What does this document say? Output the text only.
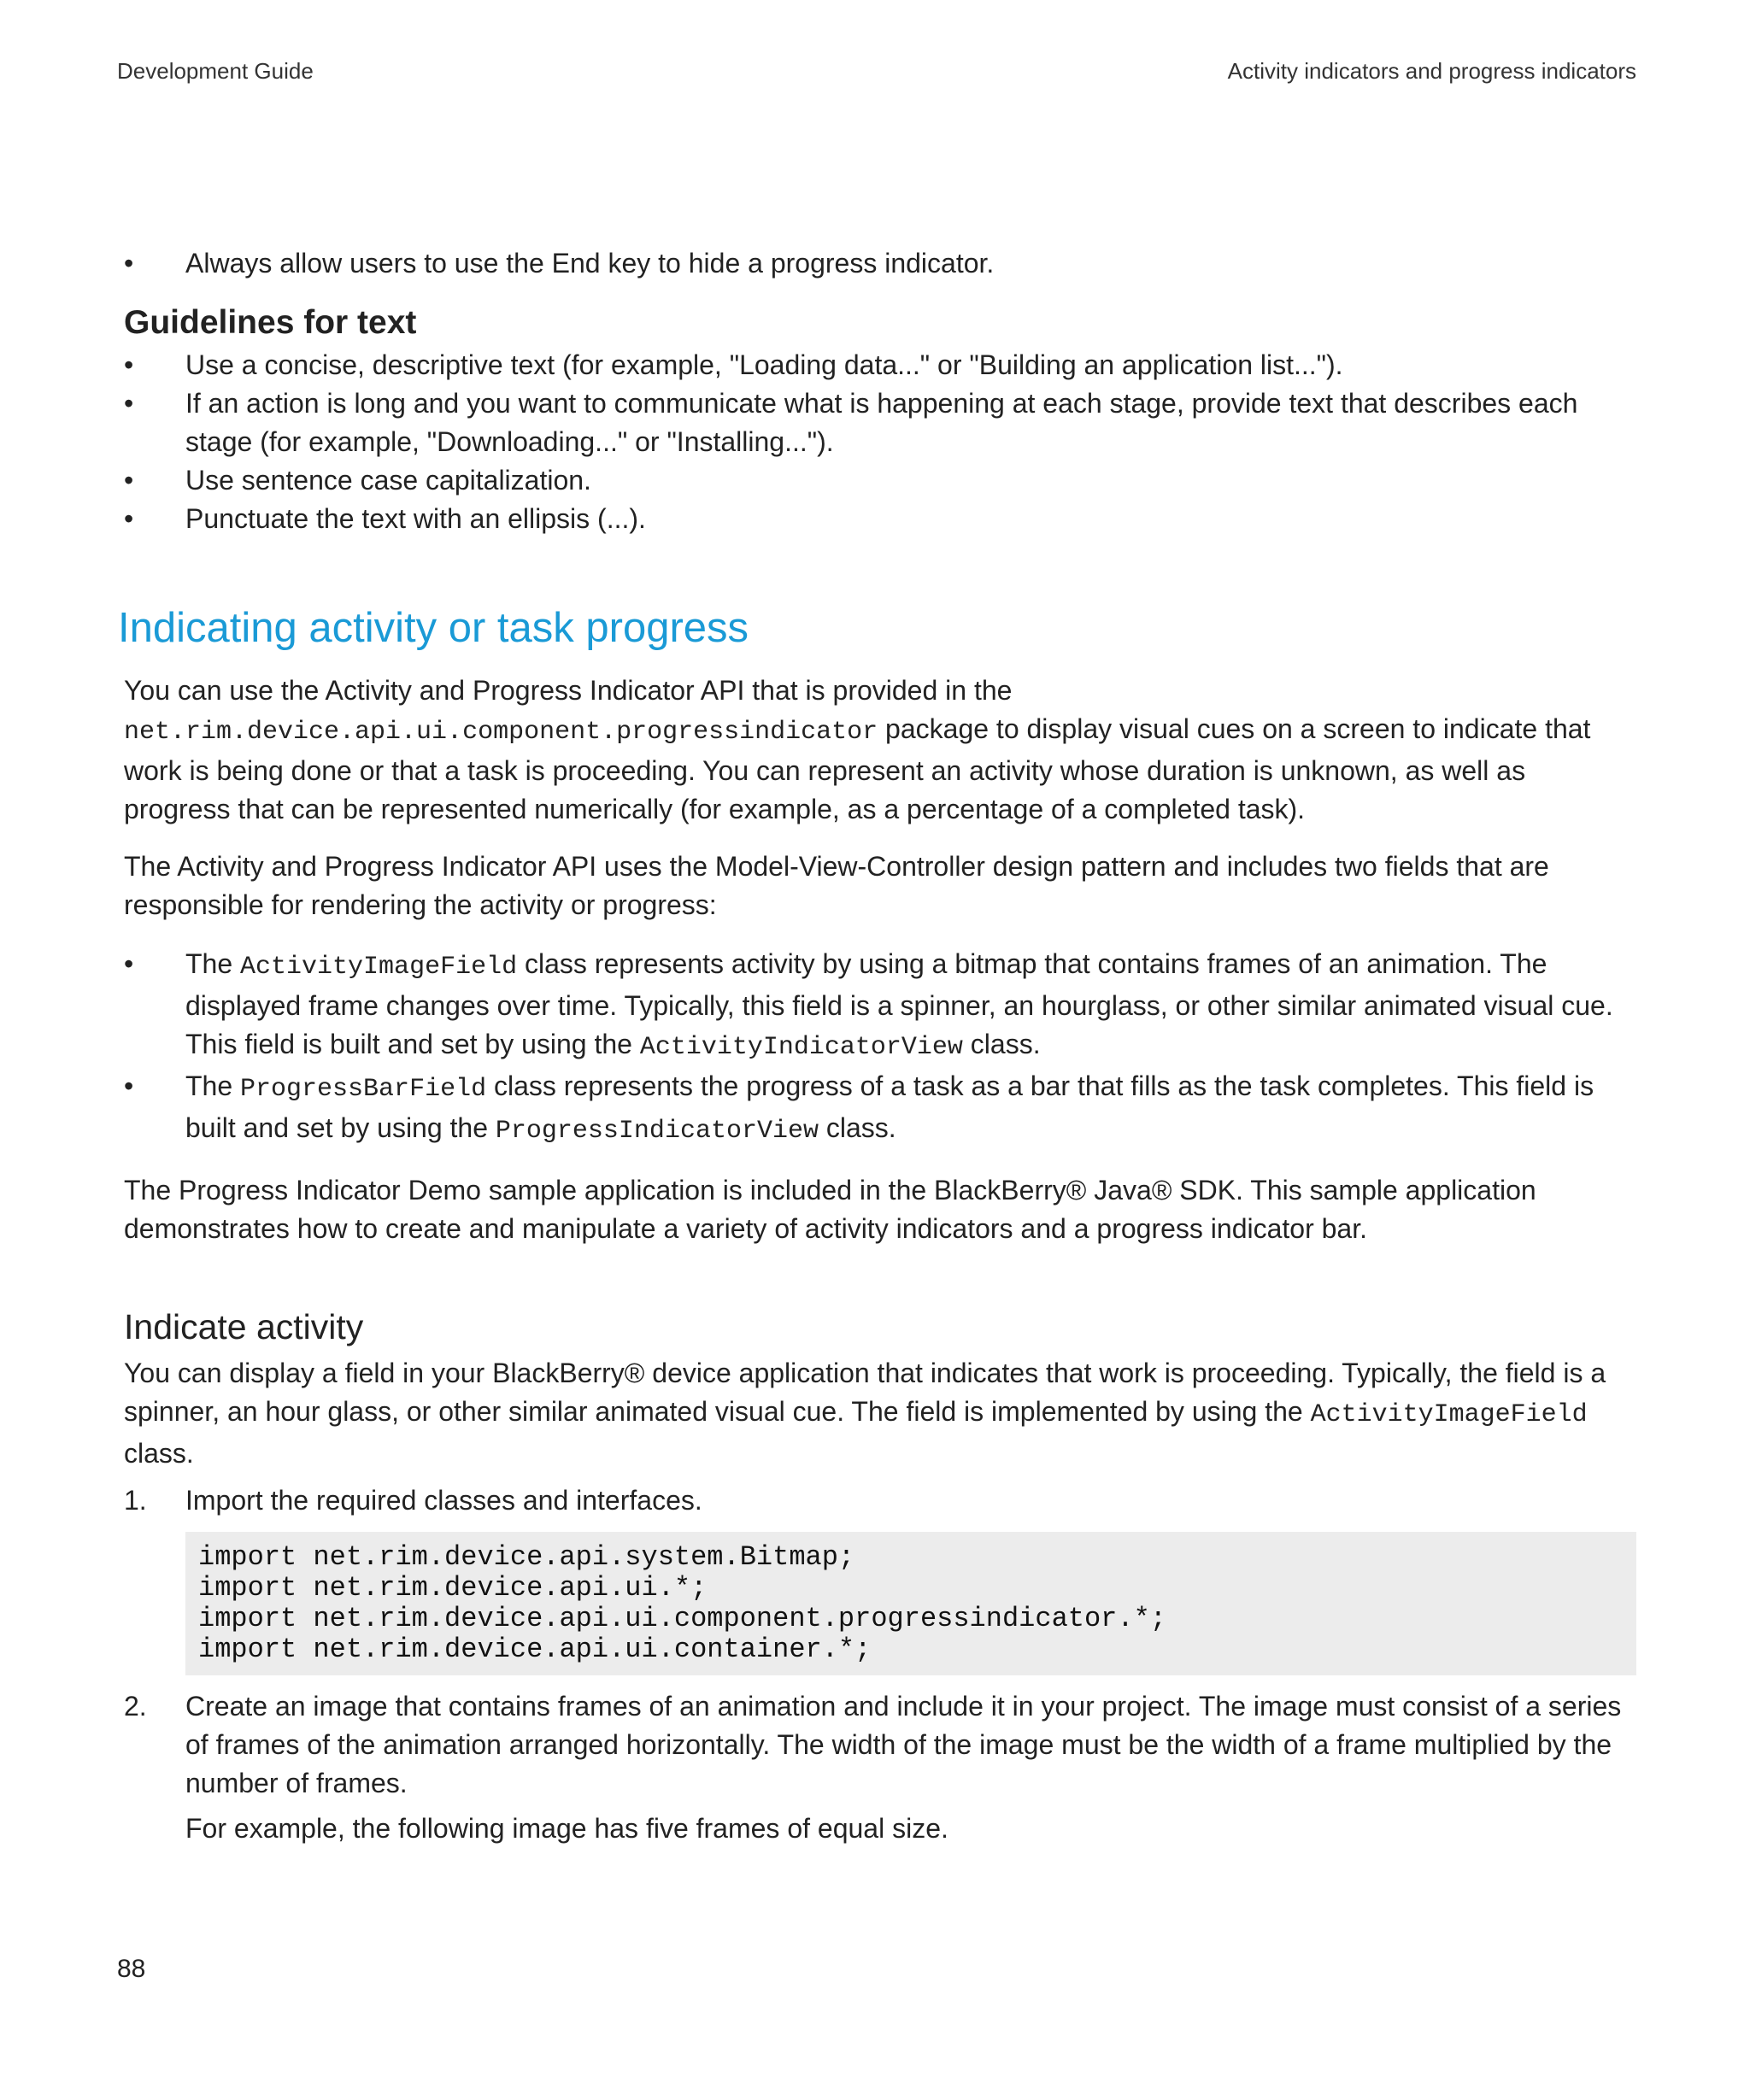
Development Guide	Activity indicators and progress indicators
• Always allow users to use the End key to hide a progress indicator.
Guidelines for text
• Use a concise, descriptive text (for example, "Loading data..." or "Building an application list...").
• If an action is long and you want to communicate what is happening at each stage, provide text that describes each stage (for example, "Downloading..." or "Installing...").
• Use sentence case capitalization.
• Punctuate the text with an ellipsis (...).
Indicating activity or task progress

You can use the Activity and Progress Indicator API that is provided in the
net.rim.device.api.ui.component.progressindicator package to display visual cues on a screen to indicate that work is being done or that a task is proceeding. You can represent an activity whose duration is unknown, as well as progress that can be represented numerically (for example, as a percentage of a completed task).

The Activity and Progress Indicator API uses the Model-View-Controller design pattern and includes two fields that are responsible for rendering the activity or progress:

• The ActivityImageField class represents activity by using a bitmap that contains frames of an animation. The displayed frame changes over time. Typically, this field is a spinner, an hourglass, or other similar animated visual cue. This field is built and set by using the ActivityIndicatorView class.
• The ProgressBarField class represents the progress of a task as a bar that fills as the task completes. This field is built and set by using the ProgressIndicatorView class.

The Progress Indicator Demo sample application is included in the BlackBerry® Java® SDK. This sample application demonstrates how to create and manipulate a variety of activity indicators and a progress indicator bar.

Indicate activity

You can display a field in your BlackBerry® device application that indicates that work is proceeding. Typically, the field is a spinner, an hour glass, or other similar animated visual cue. The field is implemented by using the ActivityImageField class.

1. Import the required classes and interfaces.
import net.rim.device.api.system.Bitmap;
import net.rim.device.api.ui.*;
import net.rim.device.api.ui.component.progressindicator.*;
import net.rim.device.api.ui.container.*;
2. Create an image that contains frames of an animation and include it in your project. The image must consist of a series of frames of the animation arranged horizontally. The width of the image must be the width of a frame multiplied by the number of frames.

For example, the following image has five frames of equal size.

88
